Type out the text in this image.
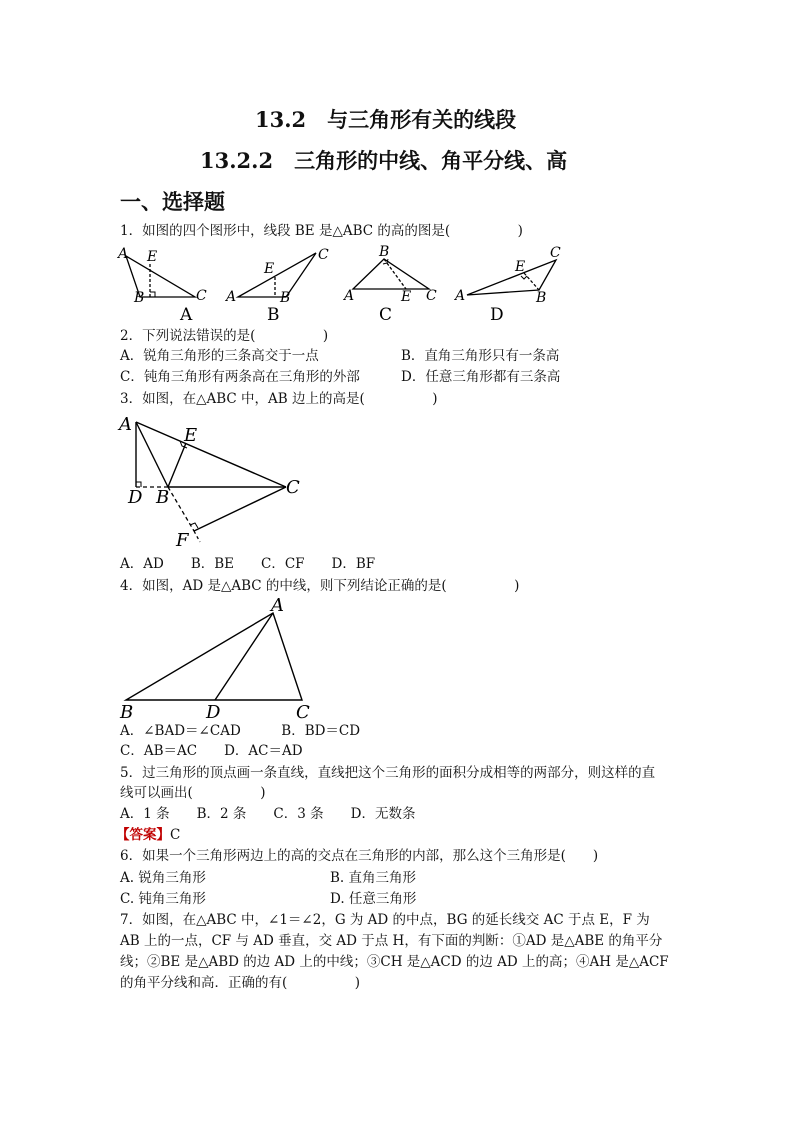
13.2　与三角形有关的线段
13.2.2　三角形的中线、角平分线、高
一、选择题
1．如图的四个图形中，线段 BE 是△ABC 的高的图是(　　　　　)
A E
B	C
A
A
E
B
C
B
A
B
E C
C
A
E
B
C
D
2．下列说法错误的是(　　　　　)
A．锐角三角形的三条高交于一点	B．直角三角形只有一条高
C．钝角三角形有两条高在三角形的外部	D．任意三角形都有三条高
3．如图，在△ABC 中，AB 边上的高是(　　　　　)
A
E
C
D B
F
A．AD　　B．BE　　C．CF　　D．BF
4．如图，AD 是△ABC 的中线，则下列结论正确的是(　　　　　)
A
B	D	C
A．∠BAD＝∠CAD　　　B．BD＝CD
C．AB＝AC　　D．AC＝AD
5．过三角形的顶点画一条直线，直线把这个三角形的面积分成相等的两部分，则这样的直
线可以画出(　　　　　)
A．1 条　　B．2 条　　C．3 条　　D．无数条
【答案】C
6．如果一个三角形两边上的高的交点在三角形的内部，那么这个三角形是(　　)
A. 锐角三角形	B. 直角三角形
C. 钝角三角形	D. 任意三角形
7．如图，在△ABC 中，∠1＝∠2，G 为 AD 的中点，BG 的延长线交 AC 于点 E，F 为
AB 上的一点，CF 与 AD 垂直，交 AD 于点 H，有下面的判断：①AD 是△ABE 的角平分
线；②BE 是△ABD 的边 AD 上的中线；③CH 是△ACD 的边 AD 上的高；④AH 是△ACF
的角平分线和高．正确的有(　　　　　)
